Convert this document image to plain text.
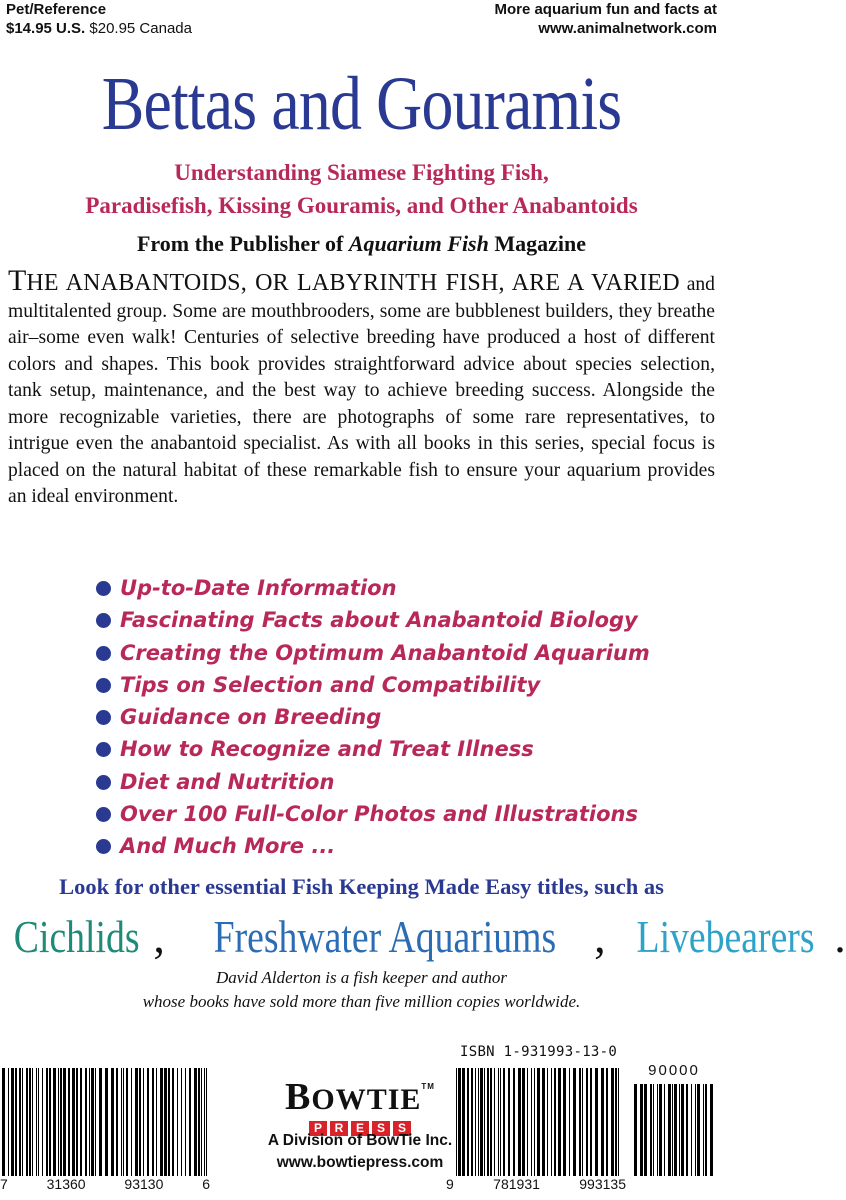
Pet/Reference
$14.95 U.S. $20.95 Canada
More aquarium fun and facts at
www.animalnetwork.com
Bettas and Gouramis
Understanding Siamese Fighting Fish,
Paradisefish, Kissing Gouramis, and Other Anabantoids
From the Publisher of Aquarium Fish Magazine
THE ANABANTOIDS, OR LABYRINTH FISH, ARE A VARIED and multitalented group. Some are mouthbrooders, some are bubblenest builders, they breathe air–some even walk! Centuries of selective breeding have produced a host of different colors and shapes. This book provides straightforward advice about species selection, tank setup, maintenance, and the best way to achieve breeding success. Alongside the more recognizable varieties, there are photographs of some rare representatives, to intrigue even the anabantoid specialist. As with all books in this series, special focus is placed on the natural habitat of these remarkable fish to ensure your aquarium provides an ideal environment.
Up-to-Date Information
Fascinating Facts about Anabantoid Biology
Creating the Optimum Anabantoid Aquarium
Tips on Selection and Compatibility
Guidance on Breeding
How to Recognize and Treat Illness
Diet and Nutrition
Over 100 Full-Color Photos and Illustrations
And Much More ...
Look for other essential Fish Keeping Made Easy titles, such as
Cichlids , Freshwater Aquariums , Livebearers .
David Alderton is a fish keeper and author
whose books have sold more than five million copies worldwide.
7	31360	93130	6
BOWTIE™
P	R	E	S	S
A Division of BowTie Inc.
www.bowtiepress.com
ISBN 1-931993-13-0
9	781931	993135
90000
